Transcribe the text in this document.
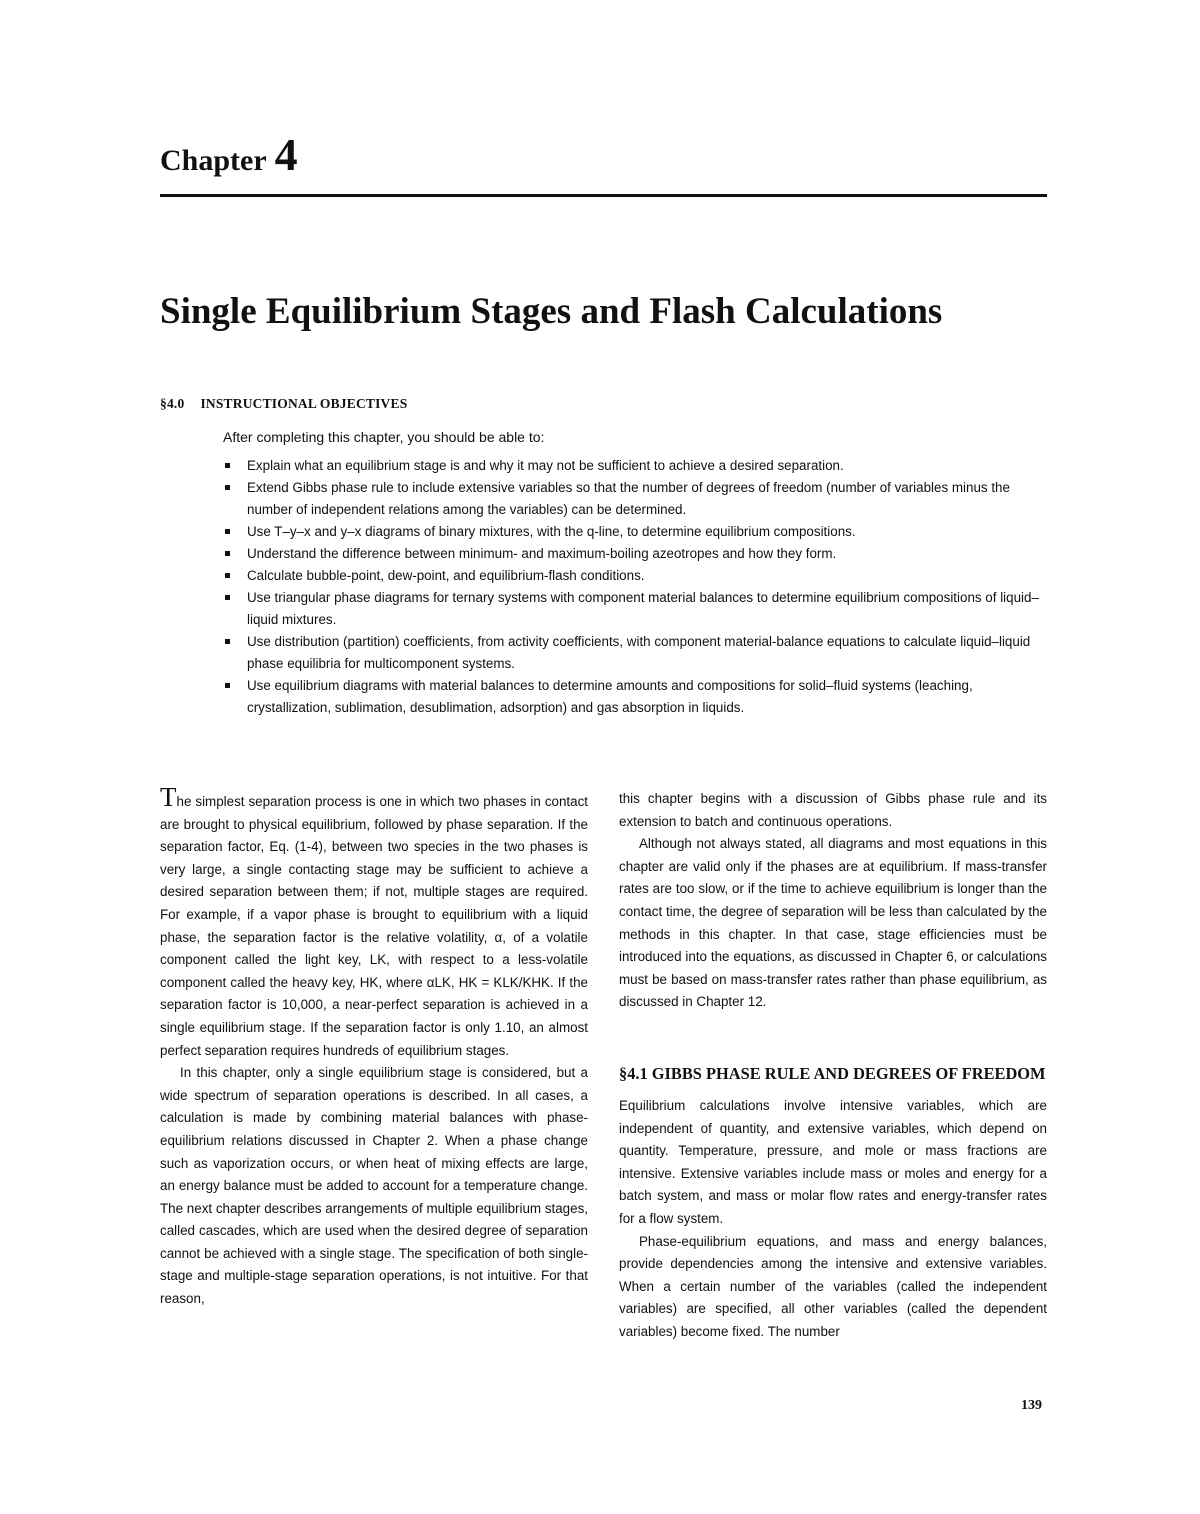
Chapter 4
Single Equilibrium Stages and Flash Calculations
§4.0 INSTRUCTIONAL OBJECTIVES
After completing this chapter, you should be able to:
Explain what an equilibrium stage is and why it may not be sufficient to achieve a desired separation.
Extend Gibbs phase rule to include extensive variables so that the number of degrees of freedom (number of variables minus the number of independent relations among the variables) can be determined.
Use T–y–x and y–x diagrams of binary mixtures, with the q-line, to determine equilibrium compositions.
Understand the difference between minimum- and maximum-boiling azeotropes and how they form.
Calculate bubble-point, dew-point, and equilibrium-flash conditions.
Use triangular phase diagrams for ternary systems with component material balances to determine equilibrium compositions of liquid–liquid mixtures.
Use distribution (partition) coefficients, from activity coefficients, with component material-balance equations to calculate liquid–liquid phase equilibria for multicomponent systems.
Use equilibrium diagrams with material balances to determine amounts and compositions for solid–fluid systems (leaching, crystallization, sublimation, desublimation, adsorption) and gas absorption in liquids.

The simplest separation process is one in which two phases in contact are brought to physical equilibrium, followed by phase separation. If the separation factor, Eq. (1-4), between two species in the two phases is very large, a single contacting stage may be sufficient to achieve a desired separation between them; if not, multiple stages are required. For example, if a vapor phase is brought to equilibrium with a liquid phase, the separation factor is the relative volatility, α, of a volatile component called the light key, LK, with respect to a less-volatile component called the heavy key, HK, where αLK, HK = KLK/KHK. If the separation factor is 10,000, a near-perfect separation is achieved in a single equilibrium stage. If the separation factor is only 1.10, an almost perfect separation requires hundreds of equilibrium stages.

In this chapter, only a single equilibrium stage is considered, but a wide spectrum of separation operations is described. In all cases, a calculation is made by combining material balances with phase-equilibrium relations discussed in Chapter 2. When a phase change such as vaporization occurs, or when heat of mixing effects are large, an energy balance must be added to account for a temperature change. The next chapter describes arrangements of multiple equilibrium stages, called cascades, which are used when the desired degree of separation cannot be achieved with a single stage. The specification of both single-stage and multiple-stage separation operations, is not intuitive. For that reason,

this chapter begins with a discussion of Gibbs phase rule and its extension to batch and continuous operations.

Although not always stated, all diagrams and most equations in this chapter are valid only if the phases are at equilibrium. If mass-transfer rates are too slow, or if the time to achieve equilibrium is longer than the contact time, the degree of separation will be less than calculated by the methods in this chapter. In that case, stage efficiencies must be introduced into the equations, as discussed in Chapter 6, or calculations must be based on mass-transfer rates rather than phase equilibrium, as discussed in Chapter 12.

§4.1 GIBBS PHASE RULE AND DEGREES OF FREEDOM

Equilibrium calculations involve intensive variables, which are independent of quantity, and extensive variables, which depend on quantity. Temperature, pressure, and mole or mass fractions are intensive. Extensive variables include mass or moles and energy for a batch system, and mass or molar flow rates and energy-transfer rates for a flow system.

Phase-equilibrium equations, and mass and energy balances, provide dependencies among the intensive and extensive variables. When a certain number of the variables (called the independent variables) are specified, all other variables (called the dependent variables) become fixed. The number

139
